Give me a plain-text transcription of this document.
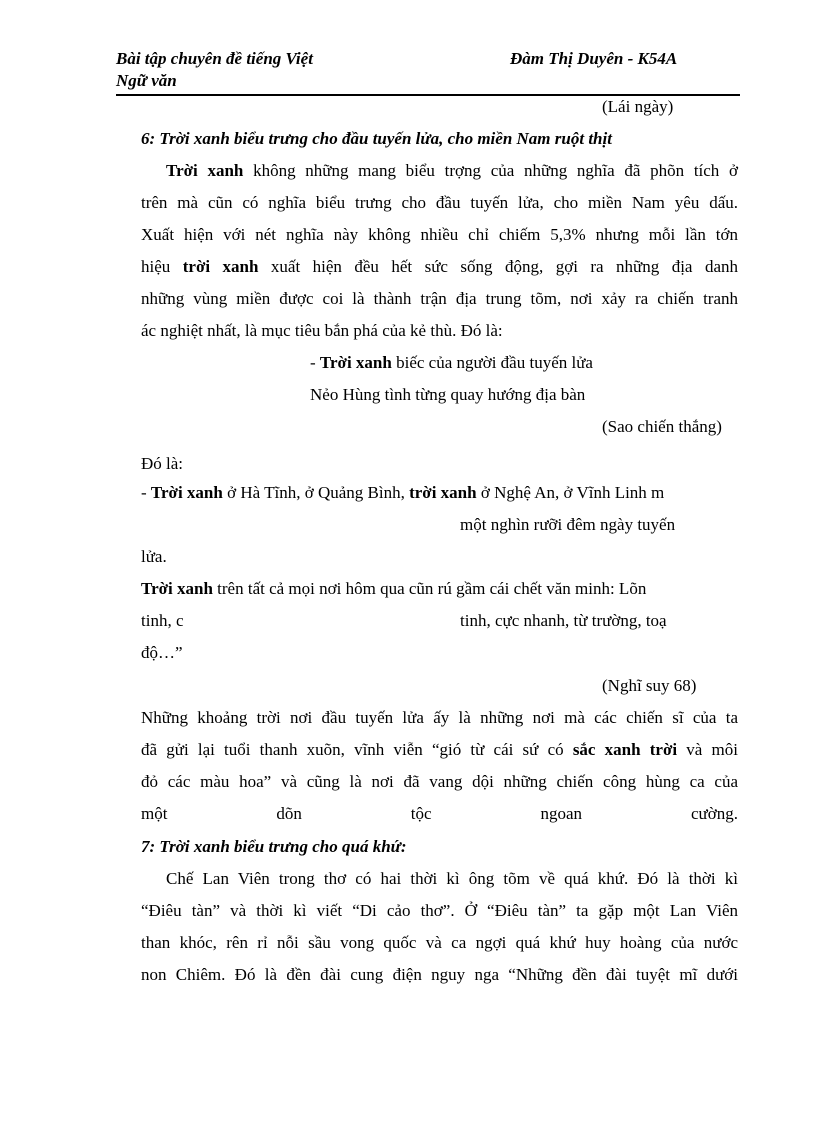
Bài tập chuyên đề tiếng Việt
Ngữ văn
Đàm Thị Duyên - K54A
(Lái ngày)
6: Trời xanh biểu trưng cho đầu tuyến lửa, cho miền Nam ruột thịt
Trời xanh không những mang biểu trợng của những nghĩa đã phõn tích ở
trên mà cũn có nghĩa biểu trưng cho đầu tuyến lửa, cho miền Nam yêu dấu.
Xuất hiện với nét nghĩa này không nhiều chỉ chiếm 5,3% nhưng mỗi lần tớn
hiệu trời xanh xuất hiện đều hết sức sống động, gợi ra những địa danh
những vùng miền được coi là thành trận địa trung tõm, nơi xảy ra chiến tranh
ác nghiệt nhất, là mục tiêu bắn phá của kẻ thù. Đó là:
- Trời xanh biếc của người đầu tuyến lửa
Nẻo Hùng tình từng quay hướng địa bàn
(Sao chiến thắng)
Đó là:
- Trời xanh ở Hà Tĩnh, ở Quảng Bình, trời xanh ở Nghệ An, ở Vĩnh Linh m
một nghìn rưỡi đêm ngày tuyến
lửa.
Trời xanh trên tất cả mọi nơi hôm qua cũn rú gầm cái chết văn minh: Lõn
tinh, c	tinh, cực nhanh, từ trường, toạ
độ…”
(Nghĩ suy 68)
Những khoảng trời nơi đầu tuyến lửa ấy là những nơi mà các chiến sĩ của ta
đã gửi lại tuổi thanh xuõn, vĩnh viễn “gió từ cái sứ có sắc xanh trời và môi
đỏ các màu hoa” và cũng là nơi đã vang dội những chiến công hùng ca của
một	dõn	tộc	ngoan	cường.
7: Trời xanh biểu trưng cho quá khứ:
Chế Lan Viên trong thơ có hai thời kì ông tõm về quá khứ. Đó là thời kì
“Điêu tàn” và thời kì viết “Di cảo thơ”. Ở “Điêu tàn” ta gặp một Lan Viên
than khóc, rên rỉ nỗi sầu vong quốc và ca ngợi quá khứ huy hoàng của nước
non Chiêm. Đó là đền đài cung điện nguy nga “Những đền đài tuyệt mĩ dưới
